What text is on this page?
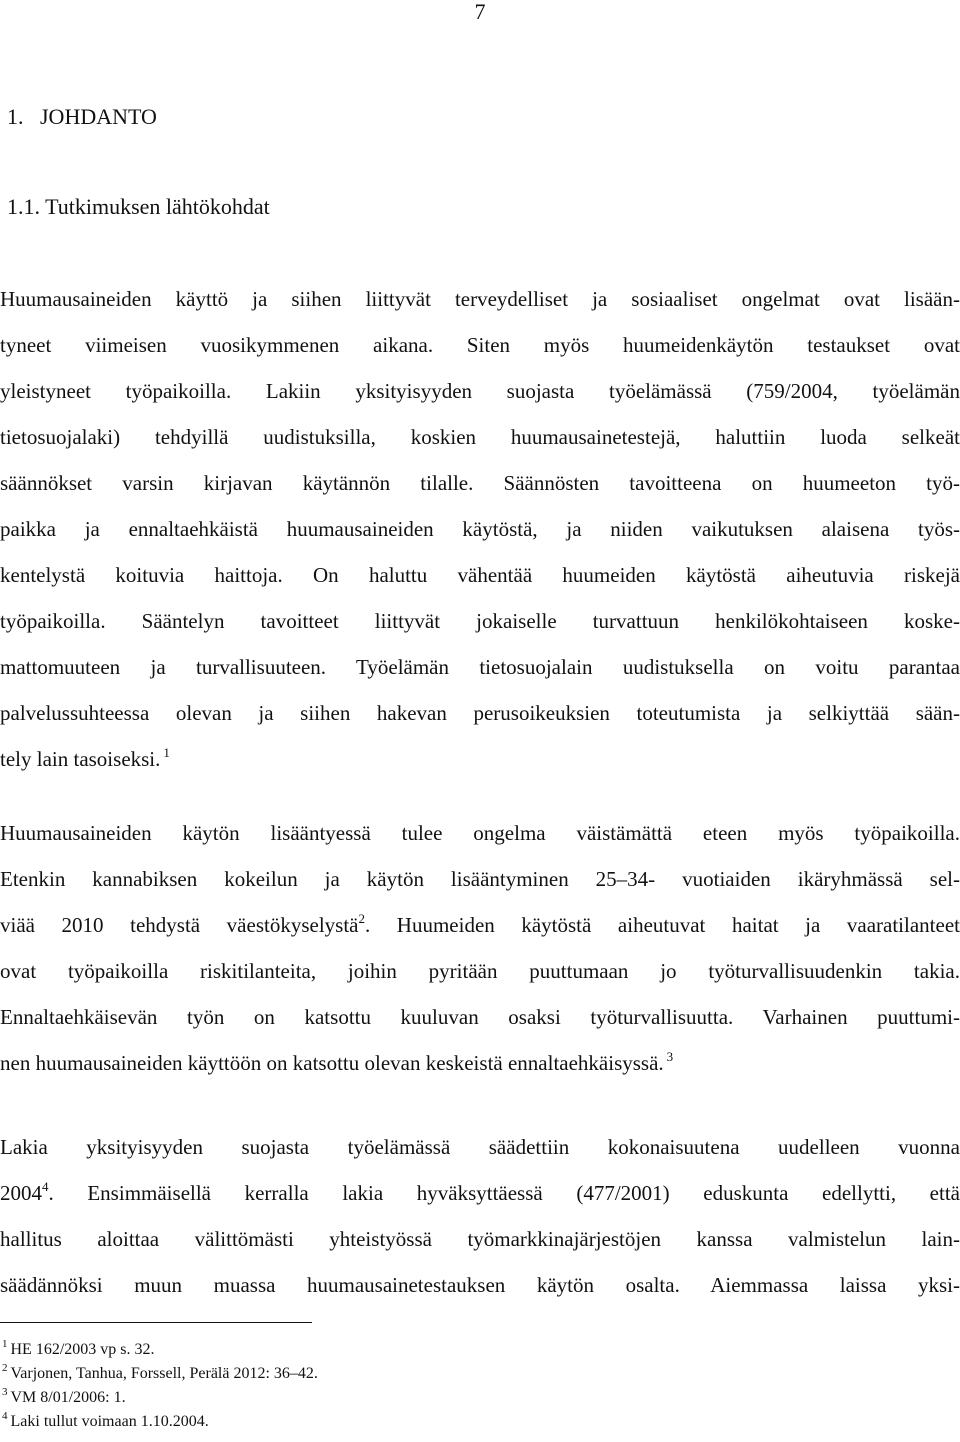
7
1.   JOHDANTO
1.1. Tutkimuksen lähtökohdat
Huumausaineiden käyttö ja siihen liittyvät terveydelliset ja sosiaaliset ongelmat ovat lisään-
tyneet viimeisen vuosikymmenen aikana. Siten myös huumeidenkäytön testaukset ovat
yleistyneet työpaikoilla. Lakiin yksityisyyden suojasta työelämässä (759/2004, työelämän
tietosuojalaki) tehdyillä uudistuksilla, koskien huumausainetestejä, haluttiin luoda selkeät
säännökset varsin kirjavan käytännön tilalle. Säännösten tavoitteena on huumeeton työ-
paikka ja ennaltaehkäistä huumausaineiden käytöstä, ja niiden vaikutuksen alaisena työs-
kentelystä koituvia haittoja. On haluttu vähentää huumeiden käytöstä aiheutuvia riskejä
työpaikoilla. Sääntelyn tavoitteet liittyvät jokaiselle turvattuun henkilökohtaiseen koske-
mattomuuteen ja turvallisuuteen. Työelämän tietosuojalain uudistuksella on voitu parantaa
palvelussuhteessa olevan ja siihen hakevan perusoikeuksien toteutumista ja selkiyttää sään-
tely lain tasoiseksi. $^1$
Huumausaineiden käytön lisääntyessä tulee ongelma väistämättä eteen myös työpaikoilla.
Etenkin kannabiksen kokeilun ja käytön lisääntyminen 25–34- vuotiaiden ikäryhmässä sel-
viää 2010 tehdystä väestökyselystä$^2$. Huumeiden käytöstä aiheutuvat haitat ja vaaratilanteet
ovat työpaikoilla riskitilanteita, joihin pyritään puuttumaan jo työturvallisuudenkin takia.
Ennaltaehkäisevän työn on katsottu kuuluvan osaksi työturvallisuutta. Varhainen puuttumi-
nen huumausaineiden käyttöön on katsottu olevan keskeistä ennaltaehkäisyssä. $^3$
Lakia yksityisyyden suojasta työelämässä säädettiin kokonaisuutena uudelleen vuonna
2004$^4$. Ensimmäisellä kerralla lakia hyväksyttäessä (477/2001) eduskunta edellytti, että
hallitus aloittaa välittömästi yhteistyössä työmarkkinajärjestöjen kanssa valmistelun lain-
säädännöksi muun muassa huumausainetestauksen käytön osalta. Aiemmassa laissa yksi-
$^1$ HE 162/2003 vp s. 32.
$^2$ Varjonen, Tanhua, Forssell, Perälä 2012: 36–42.
$^3$ VM 8/01/2006: 1.
$^4$ Laki tullut voimaan 1.10.2004.
